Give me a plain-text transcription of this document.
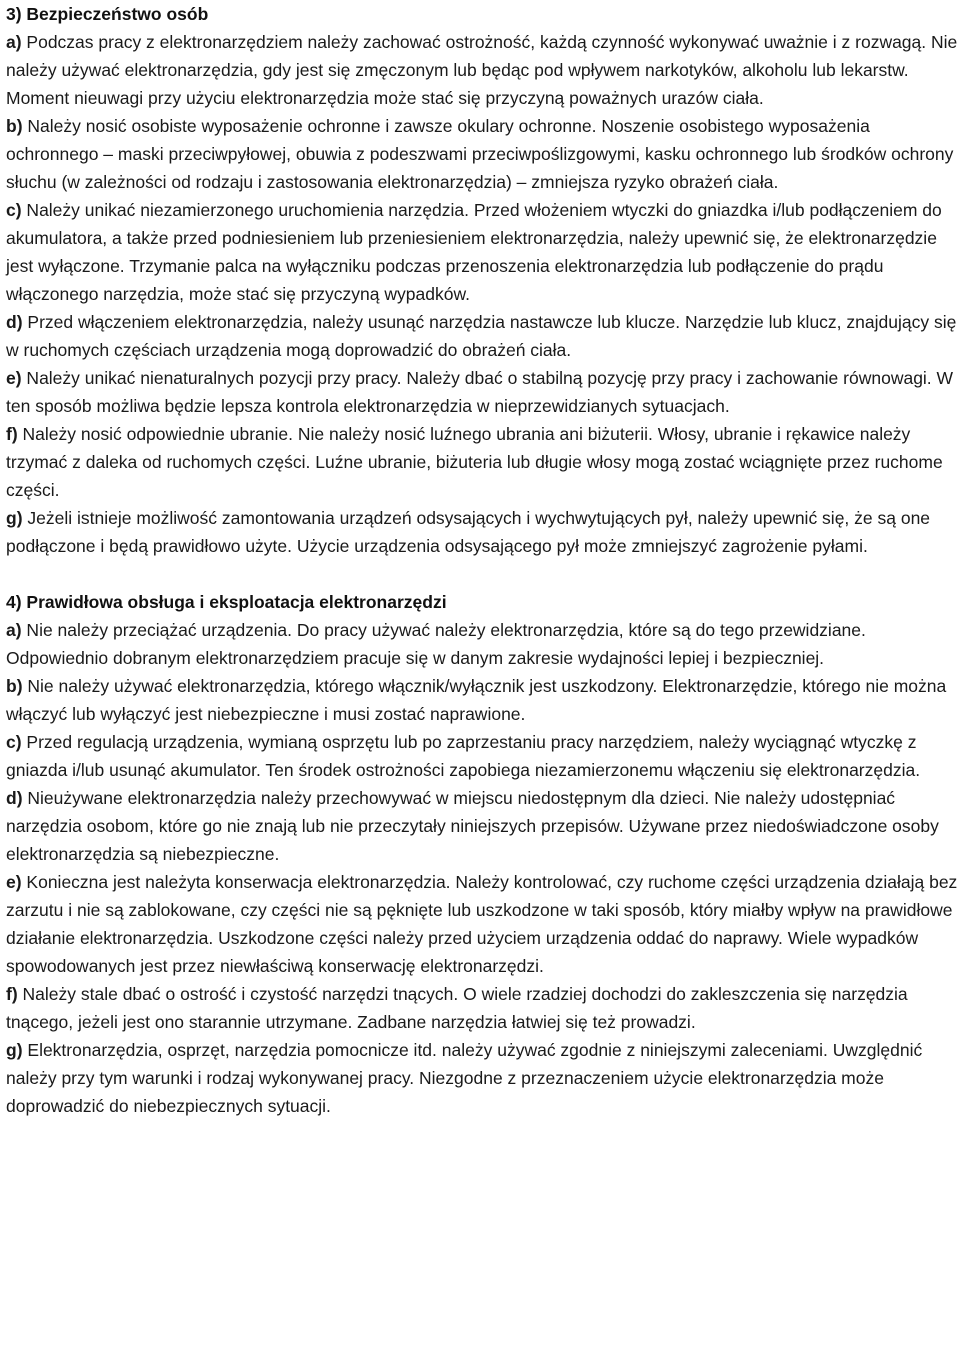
3) Bezpieczeństwo osób

a) Podczas pracy z elektronarzędziem należy zachować ostrożność, każdą czynność wykonywać uważnie i z rozwagą. Nie należy używać elektronarzędzia, gdy jest się zmęczonym lub będąc pod wpływem narkotyków, alkoholu lub lekarstw. Moment nieuwagi przy użyciu elektronarzędzia może stać się przyczyną poważnych urazów ciała.

b) Należy nosić osobiste wyposażenie ochronne i zawsze okulary ochronne. Noszenie osobistego wyposażenia ochronnego – maski przeciwpyłowej, obuwia z podeszwami przeciwpoślizgowymi, kasku ochronnego lub środków ochrony słuchu (w zależności od rodzaju i zastosowania elektronarzędzia) – zmniejsza ryzyko obrażeń ciała.

c) Należy unikać niezamierzonego uruchomienia narzędzia. Przed włożeniem wtyczki do gniazdka i/lub podłączeniem do akumulatora, a także przed podniesieniem lub przeniesieniem elektronarzędzia, należy upewnić się, że elektronarzędzie jest wyłączone. Trzymanie palca na wyłączniku podczas przenoszenia elektronarzędzia lub podłączenie do prądu włączonego narzędzia, może stać się przyczyną wypadków.

d) Przed włączeniem elektronarzędzia, należy usunąć narzędzia nastawcze lub klucze. Narzędzie lub klucz, znajdujący się w ruchomych częściach urządzenia mogą doprowadzić do obrażeń ciała.

e) Należy unikać nienaturalnych pozycji przy pracy. Należy dbać o stabilną pozycję przy pracy i zachowanie równowagi. W ten sposób możliwa będzie lepsza kontrola elektronarzędzia w nieprzewidzianych sytuacjach.

f) Należy nosić odpowiednie ubranie. Nie należy nosić luźnego ubrania ani biżuterii. Włosy, ubranie i rękawice należy trzymać z daleka od ruchomych części. Luźne ubranie, biżuteria lub długie włosy mogą zostać wciągnięte przez ruchome części.

g) Jeżeli istnieje możliwość zamontowania urządzeń odsysających i wychwytujących pył, należy upewnić się, że są one podłączone i będą prawidłowo użyte. Użycie urządzenia odsysającego pył może zmniejszyć zagrożenie pyłami.

4) Prawidłowa obsługa i eksploatacja elektronarzędzi

a) Nie należy przeciążać urządzenia. Do pracy używać należy elektronarzędzia, które są do tego przewidziane. Odpowiednio dobranym elektronarzędziem pracuje się w danym zakresie wydajności lepiej i bezpieczniej.

b) Nie należy używać elektronarzędzia, którego włącznik/wyłącznik jest uszkodzony. Elektronarzędzie, którego nie można włączyć lub wyłączyć jest niebezpieczne i musi zostać naprawione.

c) Przed regulacją urządzenia, wymianą osprzętu lub po zaprzestaniu pracy narzędziem, należy wyciągnąć wtyczkę z gniazda i/lub usunąć akumulator. Ten środek ostrożności zapobiega niezamierzonemu włączeniu się elektronarzędzia.

d) Nieużywane elektronarzędzia należy przechowywać w miejscu niedostępnym dla dzieci. Nie należy udostępniać narzędzia osobom, które go nie znają lub nie przeczytały niniejszych przepisów. Używane przez niedoświadczone osoby elektronarzędzia są niebezpieczne.

e) Konieczna jest należyta konserwacja elektronarzędzia. Należy kontrolować, czy ruchome części urządzenia działają bez zarzutu i nie są zablokowane, czy części nie są pęknięte lub uszkodzone w taki sposób, który miałby wpływ na prawidłowe działanie elektronarzędzia. Uszkodzone części należy przed użyciem urządzenia oddać do naprawy. Wiele wypadków spowodowanych jest przez niewłaściwą konserwację elektronarzędzi.

f) Należy stale dbać o ostrość i czystość narzędzi tnących. O wiele rzadziej dochodzi do zakleszczenia się narzędzia tnącego, jeżeli jest ono starannie utrzymane. Zadbane narzędzia łatwiej się też prowadzi.

g) Elektronarzędzia, osprzęt, narzędzia pomocnicze itd. należy używać zgodnie z niniejszymi zaleceniami. Uwzględnić należy przy tym warunki i rodzaj wykonywanej pracy. Niezgodne z przeznaczeniem użycie elektronarzędzia może doprowadzić do niebezpiecznych sytuacji.
